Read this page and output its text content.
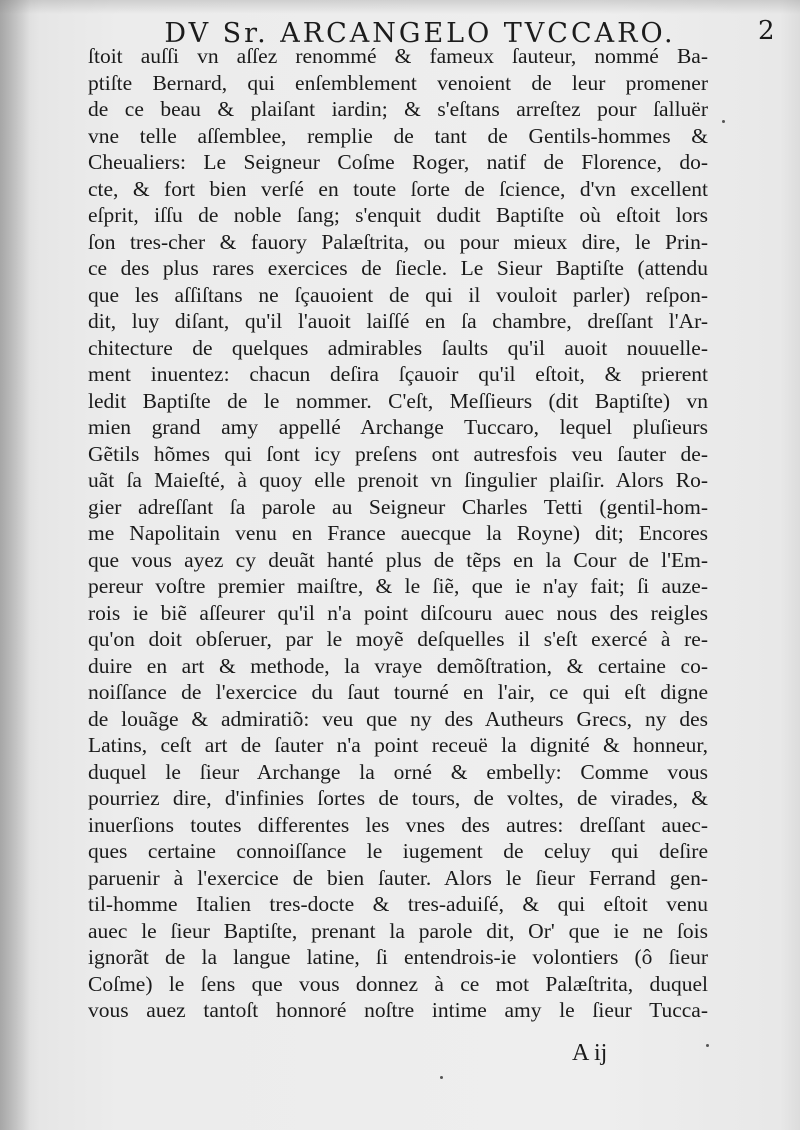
DV Sr. ARCANGELO TVCCARO.	2
ſtoit auſſi vn aſſez renommé & fameux ſauteur, nommé Ba-
ptiſte Bernard, qui enſemblement venoient de leur promener
de ce beau & plaiſant iardin; & s'eſtans arreſtez pour ſalluër
vne telle aſſemblee, remplie de tant de Gentils-hommes &
Cheualiers: Le Seigneur Coſme Roger, natif de Florence, do-
cte, & fort bien verſé en toute ſorte de ſcience, d'vn excellent
eſprit, iſſu de noble ſang; s'enquit dudit Baptiſte où eſtoit lors
ſon tres-cher & fauory Palæſtrita, ou pour mieux dire, le Prin-
ce des plus rares exercices de ſiecle. Le Sieur Baptiſte (attendu
que les aſſiſtans ne ſçauoient de qui il vouloit parler) reſpon-
dit, luy diſant, qu'il l'auoit laiſſé en ſa chambre, dreſſant l'Ar-
chitecture de quelques admirables ſaults qu'il auoit nouuelle-
ment inuentez: chacun deſira ſçauoir qu'il eſtoit, & prierent
ledit Baptiſte de le nommer. C'eſt, Meſſieurs (dit Baptiſte) vn
mien grand amy appellé Archange Tuccaro, lequel pluſieurs
Gẽtils hõmes qui ſont icy preſens ont autresfois veu ſauter de-
uãt ſa Maieſté, à quoy elle prenoit vn ſingulier plaiſir. Alors Ro-
gier adreſſant ſa parole au Seigneur Charles Tetti (gentil-hom-
me Napolitain venu en France auecque la Royne) dit; Encores
que vous ayez cy deuãt hanté plus de tẽps en la Cour de l'Em-
pereur voſtre premier maiſtre, & le ſiẽ, que ie n'ay fait; ſi auze-
rois ie biẽ aſſeurer qu'il n'a point diſcouru auec nous des reigles
qu'on doit obſeruer, par le moyẽ deſquelles il s'eſt exercé à re-
duire en art & methode, la vraye demõſtration, & certaine co-
noiſſance de l'exercice du ſaut tourné en l'air, ce qui eſt digne
de louãge & admiratiõ: veu que ny des Autheurs Grecs, ny des
Latins, ceſt art de ſauter n'a point receuë la dignité & honneur,
duquel le ſieur Archange la orné & embelly: Comme vous
pourriez dire, d'infinies ſortes de tours, de voltes, de virades, &
inuerſions toutes differentes les vnes des autres: dreſſant auec-
ques certaine connoiſſance le iugement de celuy qui deſire
paruenir à l'exercice de bien ſauter. Alors le ſieur Ferrand gen-
til-homme Italien tres-docte & tres-aduiſé, & qui eſtoit venu
auec le ſieur Baptiſte, prenant la parole dit, Or' que ie ne ſois
ignorãt de la langue latine, ſi entendrois-ie volontiers (ô ſieur
Coſme) le ſens que vous donnez à ce mot Palæſtrita, duquel
vous auez tantoſt honnoré noſtre intime amy le ſieur Tucca-
A ij
